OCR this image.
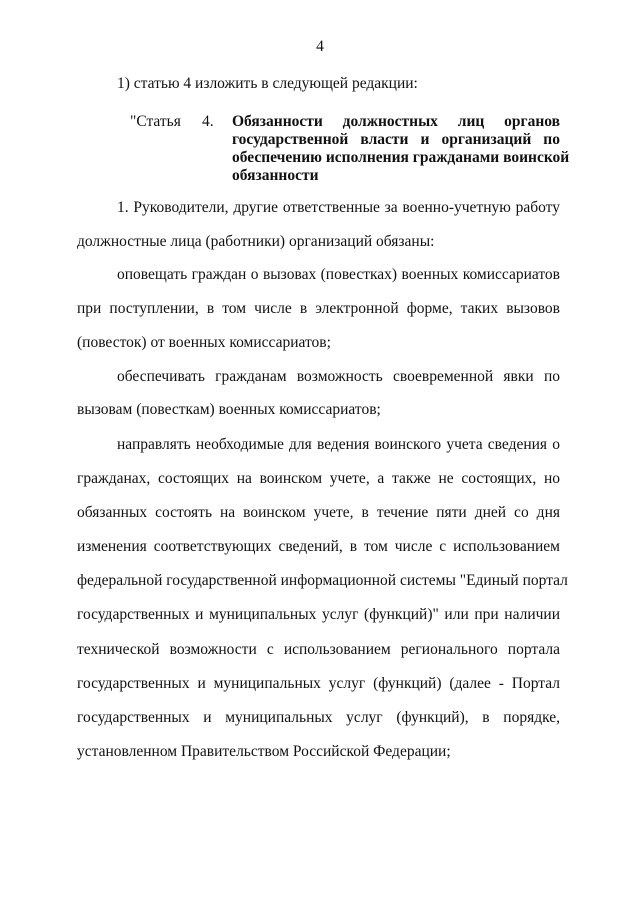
4

1) статью 4 изложить в следующей редакции:

"Статья 4. Обязанности должностных лиц органов
государственной власти и организаций по
обеспечению исполнения гражданами воинской
обязанности

1. Руководители, другие ответственные за военно-учетную работу

должностные лица (работники) организаций обязаны:

оповещать граждан о вызовах (повестках) военных комиссариатов

при поступлении, в том числе в электронной форме, таких вызовов

(повесток) от военных комиссариатов;

обеспечивать гражданам возможность своевременной явки по

вызовам (повесткам) военных комиссариатов;

направлять необходимые для ведения воинского учета сведения о

гражданах, состоящих на воинском учете, а также не состоящих, но

обязанных состоять на воинском учете, в течение пяти дней со дня

изменения соответствующих сведений, в том числе с использованием

федеральной государственной информационной системы "Единый портал

государственных и муниципальных услуг (функций)" или при наличии

технической возможности с использованием регионального портала

государственных и муниципальных услуг (функций) (далее - Портал

государственных и муниципальных услуг (функций), в порядке,

установленном Правительством Российской Федерации;
